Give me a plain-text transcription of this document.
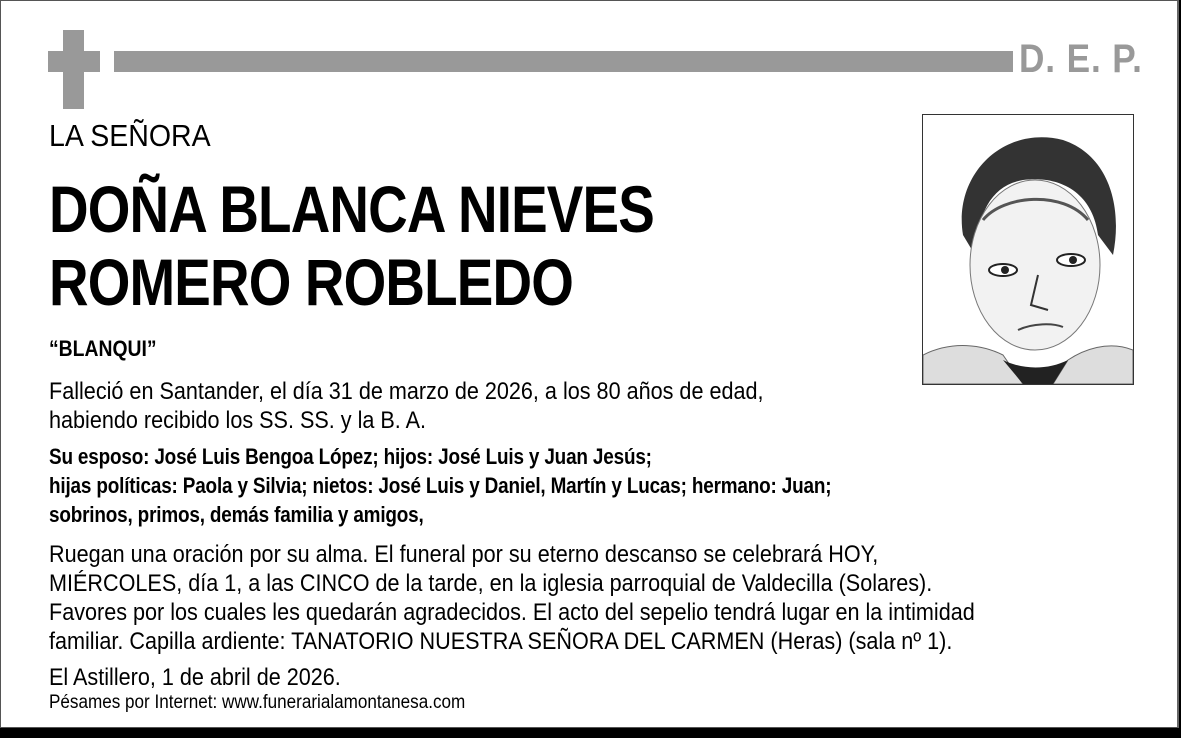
D. E. P.
LA SEÑORA
DOÑA BLANCA NIEVES
ROMERO ROBLEDO
“BLANQUI”
Falleció en Santander, el día 31 de marzo de 2026, a los 80 años de edad,
habiendo recibido los SS. SS. y la B. A.
Su esposo: José Luis Bengoa López; hijos: José Luis y Juan Jesús;
hijas políticas: Paola y Silvia; nietos: José Luis y Daniel, Martín y Lucas; hermano: Juan;
sobrinos, primos, demás familia y amigos,
Ruegan una oración por su alma. El funeral por su eterno descanso se celebrará HOY,
MIÉRCOLES, día 1, a las CINCO de la tarde, en la iglesia parroquial de Valdecilla (Solares).
Favores por los cuales les quedarán agradecidos. El acto del sepelio tendrá lugar en la intimidad
familiar. Capilla ardiente: TANATORIO NUESTRA SEÑORA DEL CARMEN (Heras) (sala nº 1).
El Astillero, 1 de abril de 2026.
Pésames por Internet: www.funerarialamontanesa.com
